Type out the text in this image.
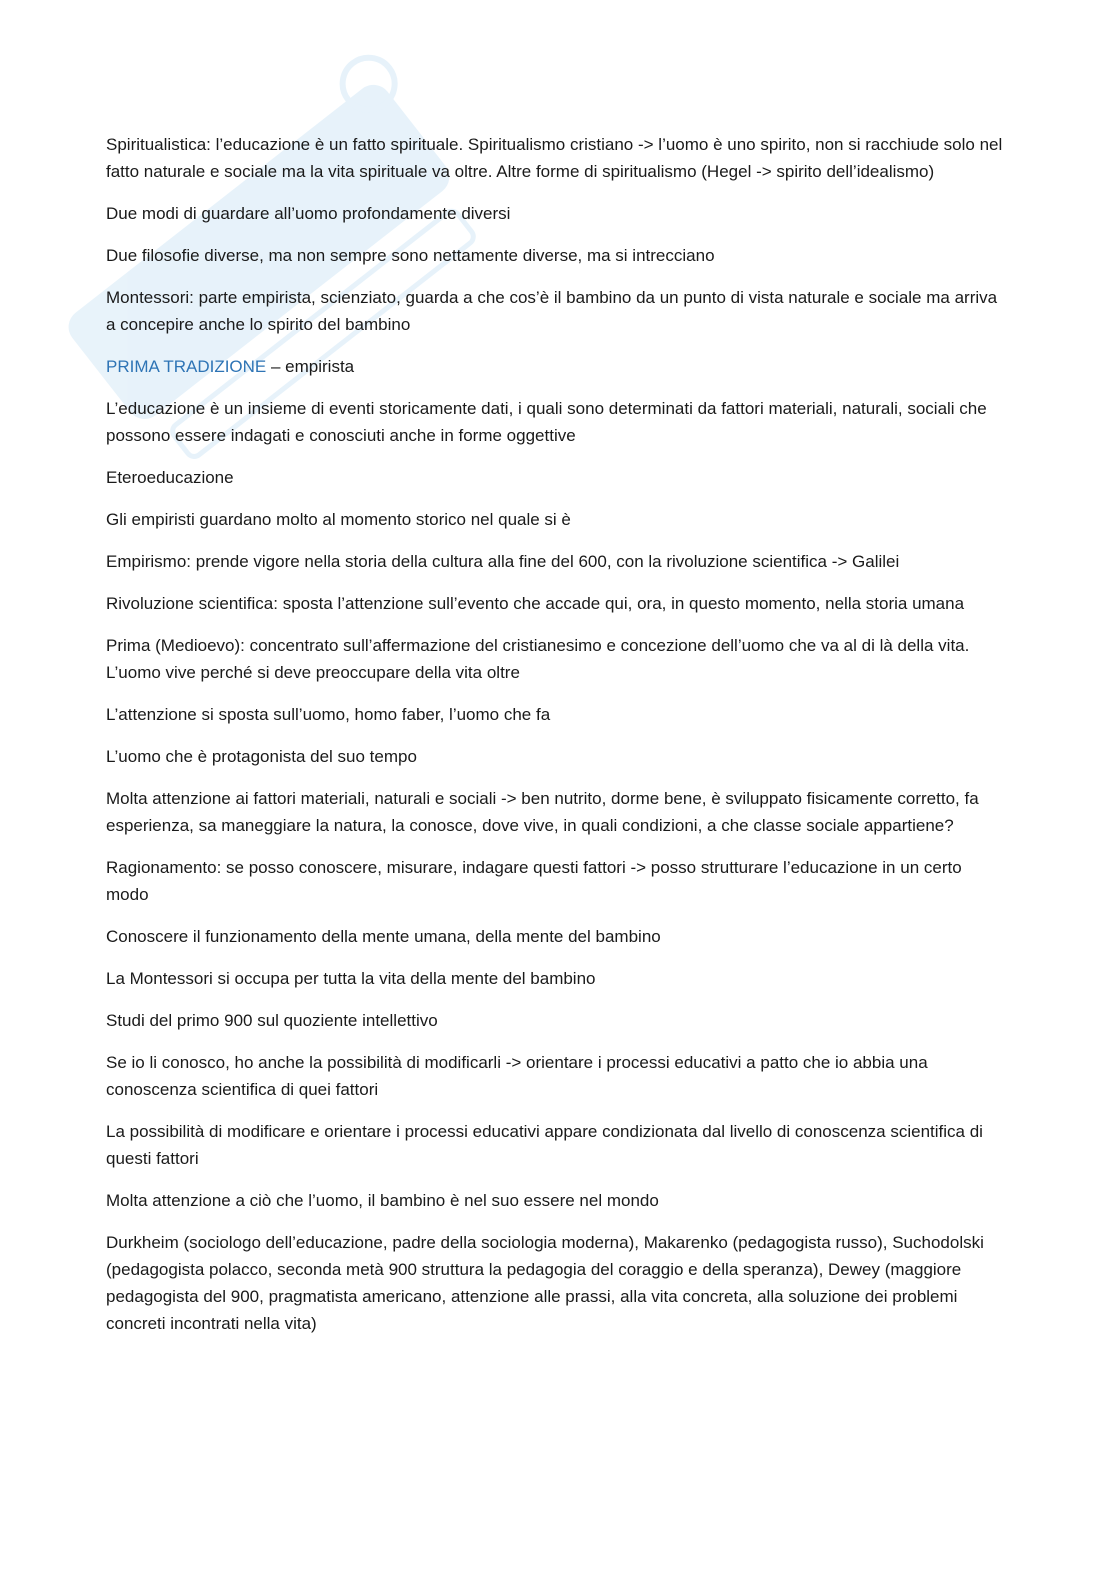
Spiritualistica: l’educazione è un fatto spirituale. Spiritualismo cristiano -> l’uomo è uno spirito, non si racchiude solo nel fatto naturale e sociale ma la vita spirituale va oltre. Altre forme di spiritualismo (Hegel -> spirito dell’idealismo)

Due modi di guardare all’uomo profondamente diversi

Due filosofie diverse, ma non sempre sono nettamente diverse, ma si intrecciano

Montessori: parte empirista, scienziato, guarda a che cos’è il bambino da un punto di vista naturale e sociale ma arriva a concepire anche lo spirito del bambino

PRIMA TRADIZIONE – empirista

L’educazione è un insieme di eventi storicamente dati, i quali sono determinati da fattori materiali, naturali, sociali che possono essere indagati e conosciuti anche in forme oggettive

Eteroeducazione

Gli empiristi guardano molto al momento storico nel quale si è

Empirismo: prende vigore nella storia della cultura alla fine del 600, con la rivoluzione scientifica -> Galilei

Rivoluzione scientifica: sposta l’attenzione sull’evento che accade qui, ora, in questo momento, nella storia umana

Prima (Medioevo): concentrato sull’affermazione del cristianesimo e concezione dell’uomo che va al di là della vita. L’uomo vive perché si deve preoccupare della vita oltre

L’attenzione si sposta sull’uomo, homo faber, l’uomo che fa

L’uomo che è protagonista del suo tempo

Molta attenzione ai fattori materiali, naturali e sociali -> ben nutrito, dorme bene, è sviluppato fisicamente corretto, fa esperienza, sa maneggiare la natura, la conosce, dove vive, in quali condizioni, a che classe sociale appartiene?

Ragionamento: se posso conoscere, misurare, indagare questi fattori -> posso strutturare l’educazione in un certo modo

Conoscere il funzionamento della mente umana, della mente del bambino

La Montessori si occupa per tutta la vita della mente del bambino

Studi del primo 900 sul quoziente intellettivo

Se io li conosco, ho anche la possibilità di modificarli -> orientare i processi educativi a patto che io abbia una conoscenza scientifica di quei fattori

La possibilità di modificare e orientare i processi educativi appare condizionata dal livello di conoscenza scientifica di questi fattori

Molta attenzione a ciò che l’uomo, il bambino è nel suo essere nel mondo

Durkheim (sociologo dell’educazione, padre della sociologia moderna), Makarenko (pedagogista russo), Suchodolski (pedagogista polacco, seconda metà 900 struttura la pedagogia del coraggio e della speranza), Dewey (maggiore pedagogista del 900, pragmatista americano, attenzione alle prassi, alla vita concreta, alla soluzione dei problemi concreti incontrati nella vita)
